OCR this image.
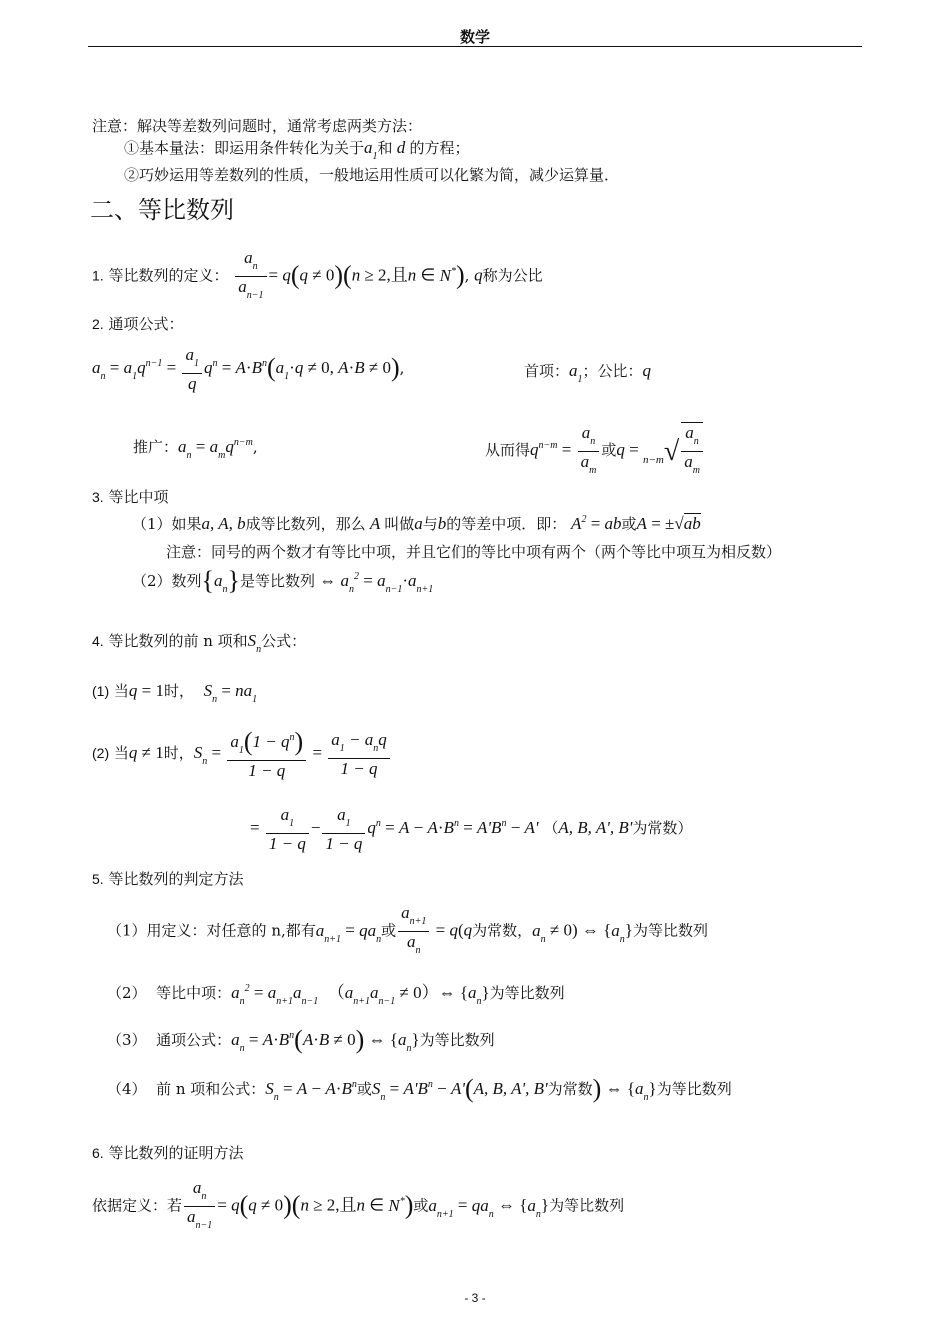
数学
注意：解决等差数列问题时，通常考虑两类方法：
①基本量法：即运用条件转化为关于$a_1$和 d 的方程；
②巧妙运用等差数列的性质，一般地运用性质可以化繁为简，减少运算量．
二、等比数列
1. 等比数列的定义： $\frac{a_n}{a_{n-1}} = q(q \ne 0)(n \ge 2$,且n ∈ N*), q称为公比
2. 通项公式：
$a_n = a_1q^{n-1} = \frac{a_1}{q} q^n = A\cdot B^n(a_1\cdot q \ne 0$, A·B ≠ 0),	首项：$a_1$；公比：q
推广：$a_n = a_mq^{n-m}$,	从而得$q^{n-m} = \frac{a_n}{a_m}$ 或$q = _{n-m}√ \frac{a_n}{a_m}$
3. 等比中项
（1）如果a, A, b成等比数列，那么 A 叫做a与b的等差中项．即： $A^2$ = ab或A = ±√ab
注意：同号的两个数才有等比中项，并且它们的等比中项有两个（两个等比中项互为相反数）
（2）数列$\{a_n\}$是等比数列 ⇔ $a_n^2 = a_{n-1}\cdot a_{n+1}$
4. 等比数列的前 n 项和$S_n$公式：
(1) 当q = 1时， $S_n = na_1$
(2) 当q ≠ 1时，$S_n = \frac{a_1(1 - q^n)}{1 - q} = \frac{a_1 - a_nq}{1 - q}$
= $\frac{a_1}{1 - q} - \frac{a_1}{1 - q} q^n = A - A\cdot B^n = A'B^n - A'$ （A, B, A', B'为常数）
5. 等比数列的判定方法
（1）用定义：对任意的 n,都有$a_{n+1} = qa_n$或 $\frac{a_{n+1}}{a_n} = q(q$为常数，$a_n \ne 0$) ⇔ $\{a_n\}$为等比数列
（2） 等比中项：$a_n^2 = a_{n+1}a_{n-1}$ （$a_{n+1}a_{n-1}$ ≠ 0）⇔ $\{a_n\}$为等比数列
（3） 通项公式：$a_n = A\cdot B^n(A\cdot B \ne 0)$ ⇔ $\{a_n\}$为等比数列
（4） 前 n 项和公式：$S_n = A - A\cdot B^n$或$S_n = A'B^n - A'(A$, B, A', B'为常数) ⇔ $\{a_n\}$为等比数列
6. 等比数列的证明方法
依据定义：若 $\frac{a_n}{a_{n-1}} = q(q \ne 0)(n \ge 2$,且n ∈ N*)或$a_{n+1} = qa_n$ ⇔ $\{a_n\}$为等比数列
- 3 -
